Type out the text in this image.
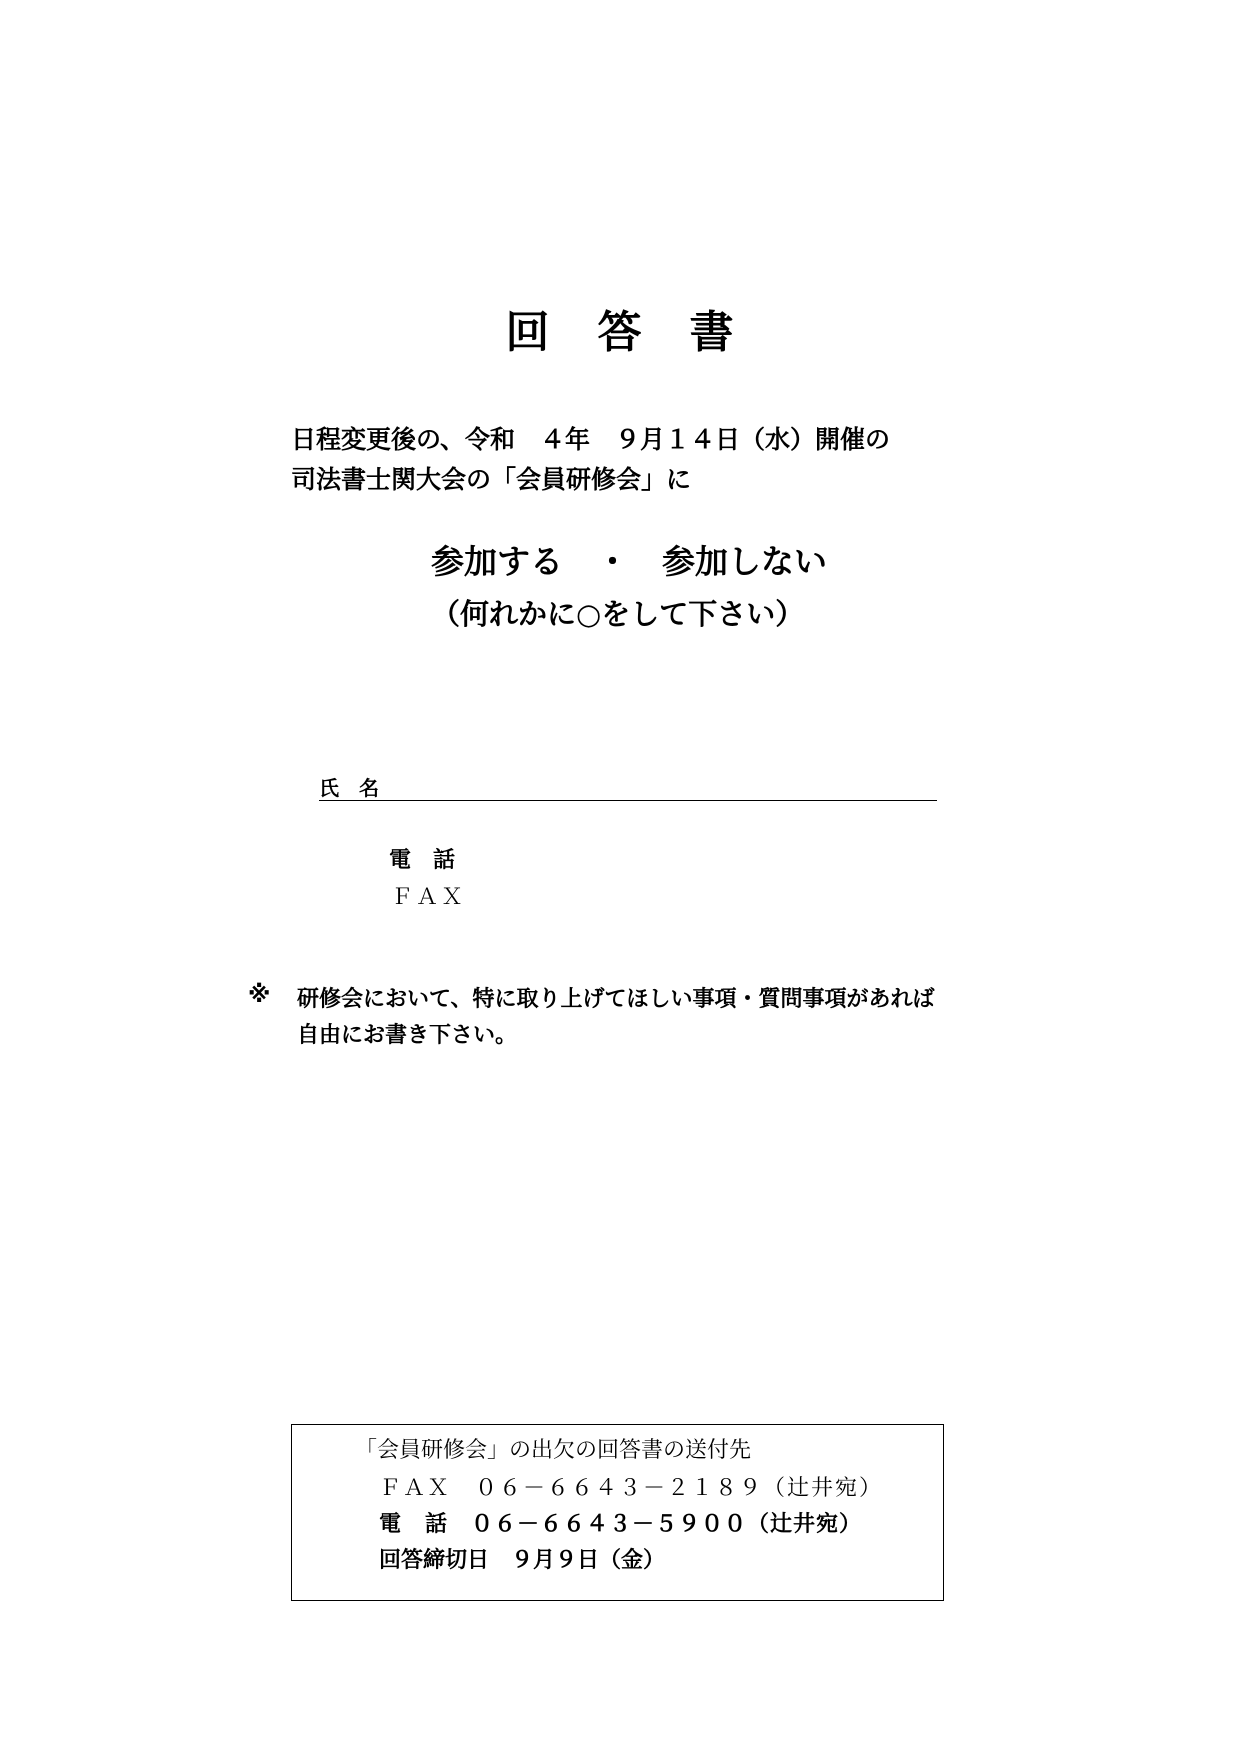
回　答　書
日程変更後の、令和　４年　９月１４日（水）開催の
司法書士関大会の「会員研修会」に
参加する　・　参加しない
（何れかに○をして下さい）
氏　名
電　話
ＦＡＸ
※ 研修会において、特に取り上げてほしい事項・質問事項があれば
自由にお書き下さい。
「会員研修会」の出欠の回答書の送付先
ＦＡＸ　０６－６６４３－２１８９（辻井宛）
電　話　０６－６６４３－５９００（辻井宛）
回答締切日　９月９日（金）
